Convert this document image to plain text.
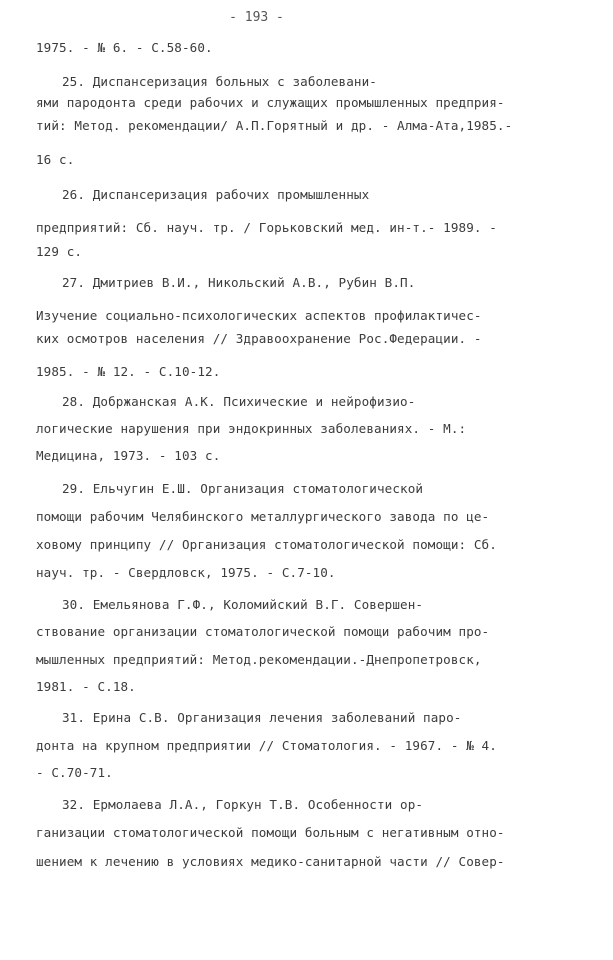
- 193 -
1975. - № 6. - С.58-60.
25. Диспансеризация больных с заболевани-
ями пародонта среди рабочих и служащих промышленных предприя-
тий: Метод. рекомендации/ А.П.Горятный и др. - Алма-Ата,1985.-
16 с.
26. Диспансеризация рабочих промышленных
предприятий: Сб. науч. тр. / Горьковский мед. ин-т.- 1989. -
129 с.
27. Дмитриев В.И., Никольский А.В., Рубин В.П.
Изучение социально-психологических аспектов профилактичес-
ких осмотров населения // Здравоохранение Рос.Федерации. -
1985. - № 12. - С.10-12.
28. Добржанская А.К. Психические и нейрофизио-
логические нарушения при эндокринных заболеваниях. - М.:
Медицина, 1973. - 103 с.
29. Ельчугин Е.Ш. Организация стоматологической
помощи рабочим Челябинского металлургического завода по це-
ховому принципу // Организация стоматологической помощи: Сб.
науч. тр. - Свердловск, 1975. - С.7-10.
30. Емельянова Г.Ф., Коломийский В.Г. Совершен-
ствование организации стоматологической помощи рабочим про-
мышленных предприятий: Метод.рекомендации.-Днепропетровск,
1981. - С.18.
31. Ерина С.В. Организация лечения заболеваний паро-
донта на крупном предприятии // Стоматология. - 1967. - № 4.
- С.70-71.
32. Ермолаева Л.А., Горкун Т.В. Особенности ор-
ганизации стоматологической помощи больным с негативным отно-
шением к лечению в условиях медико-санитарной части // Совер-
